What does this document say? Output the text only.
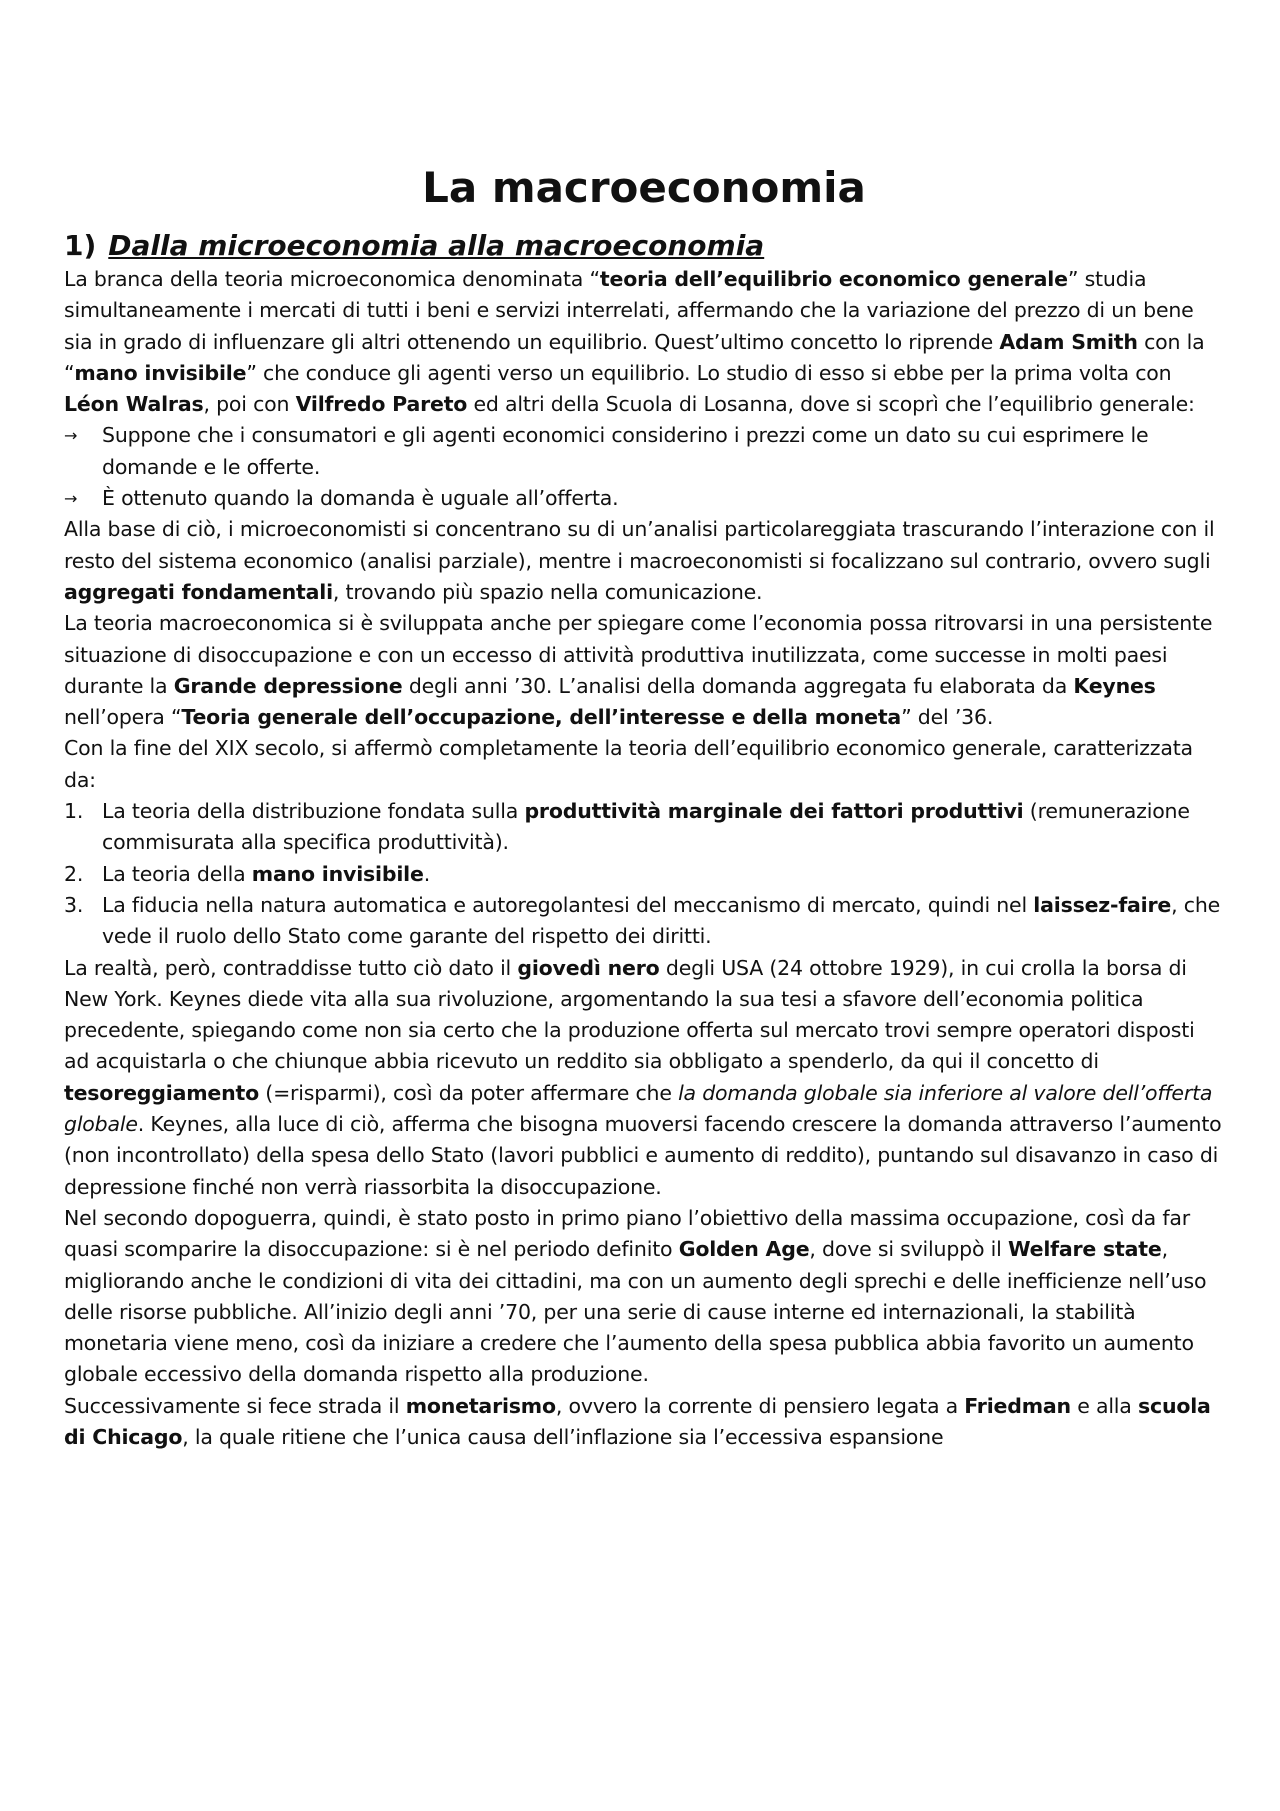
La macroeconomia
1) Dalla microeconomia alla macroeconomia

La branca della teoria microeconomica denominata “teoria dell’equilibrio economico generale” studia simultaneamente i mercati di tutti i beni e servizi interrelati, affermando che la variazione del prezzo di un bene sia in grado di influenzare gli altri ottenendo un equilibrio. Quest’ultimo concetto lo riprende Adam Smith con la “mano invisibile” che conduce gli agenti verso un equilibrio. Lo studio di esso si ebbe per la prima volta con Léon Walras, poi con Vilfredo Pareto ed altri della Scuola di Losanna, dove si scoprì che l’equilibrio generale:

→ Suppone che i consumatori e gli agenti economici considerino i prezzi come un dato su cui esprimere le domande e le offerte.
→ È ottenuto quando la domanda è uguale all’offerta.

Alla base di ciò, i microeconomisti si concentrano su di un’analisi particolareggiata trascurando l’interazione con il resto del sistema economico (analisi parziale), mentre i macroeconomisti si focalizzano sul contrario, ovvero sugli aggregati fondamentali, trovando più spazio nella comunicazione.

La teoria macroeconomica si è sviluppata anche per spiegare come l’economia possa ritrovarsi in una persistente situazione di disoccupazione e con un eccesso di attività produttiva inutilizzata, come successe in molti paesi durante la Grande depressione degli anni ’30. L’analisi della domanda aggregata fu elaborata da Keynes nell’opera “Teoria generale dell’occupazione, dell’interesse e della moneta” del ’36.

Con la fine del XIX secolo, si affermò completamente la teoria dell’equilibrio economico generale, caratterizzata da:

1. La teoria della distribuzione fondata sulla produttività marginale dei fattori produttivi (remunerazione commisurata alla specifica produttività).
2. La teoria della mano invisibile.
3. La fiducia nella natura automatica e autoregolantesi del meccanismo di mercato, quindi nel laissez-faire, che vede il ruolo dello Stato come garante del rispetto dei diritti.

La realtà, però, contraddisse tutto ciò dato il giovedì nero degli USA (24 ottobre 1929), in cui crolla la borsa di New York. Keynes diede vita alla sua rivoluzione, argomentando la sua tesi a sfavore dell’economia politica precedente, spiegando come non sia certo che la produzione offerta sul mercato trovi sempre operatori disposti ad acquistarla o che chiunque abbia ricevuto un reddito sia obbligato a spenderlo, da qui il concetto di tesoreggiamento (=risparmi), così da poter affermare che la domanda globale sia inferiore al valore dell’offerta globale. Keynes, alla luce di ciò, afferma che bisogna muoversi facendo crescere la domanda attraverso l’aumento (non incontrollato) della spesa dello Stato (lavori pubblici e aumento di reddito), puntando sul disavanzo in caso di depressione finché non verrà riassorbita la disoccupazione.

Nel secondo dopoguerra, quindi, è stato posto in primo piano l’obiettivo della massima occupazione, così da far quasi scomparire la disoccupazione: si è nel periodo definito Golden Age, dove si sviluppò il Welfare state, migliorando anche le condizioni di vita dei cittadini, ma con un aumento degli sprechi e delle inefficienze nell’uso delle risorse pubbliche. All’inizio degli anni ’70, per una serie di cause interne ed internazionali, la stabilità monetaria viene meno, così da iniziare a credere che l’aumento della spesa pubblica abbia favorito un aumento globale eccessivo della domanda rispetto alla produzione.

Successivamente si fece strada il monetarismo, ovvero la corrente di pensiero legata a Friedman e alla scuola di Chicago, la quale ritiene che l’unica causa dell’inflazione sia l’eccessiva espansione
